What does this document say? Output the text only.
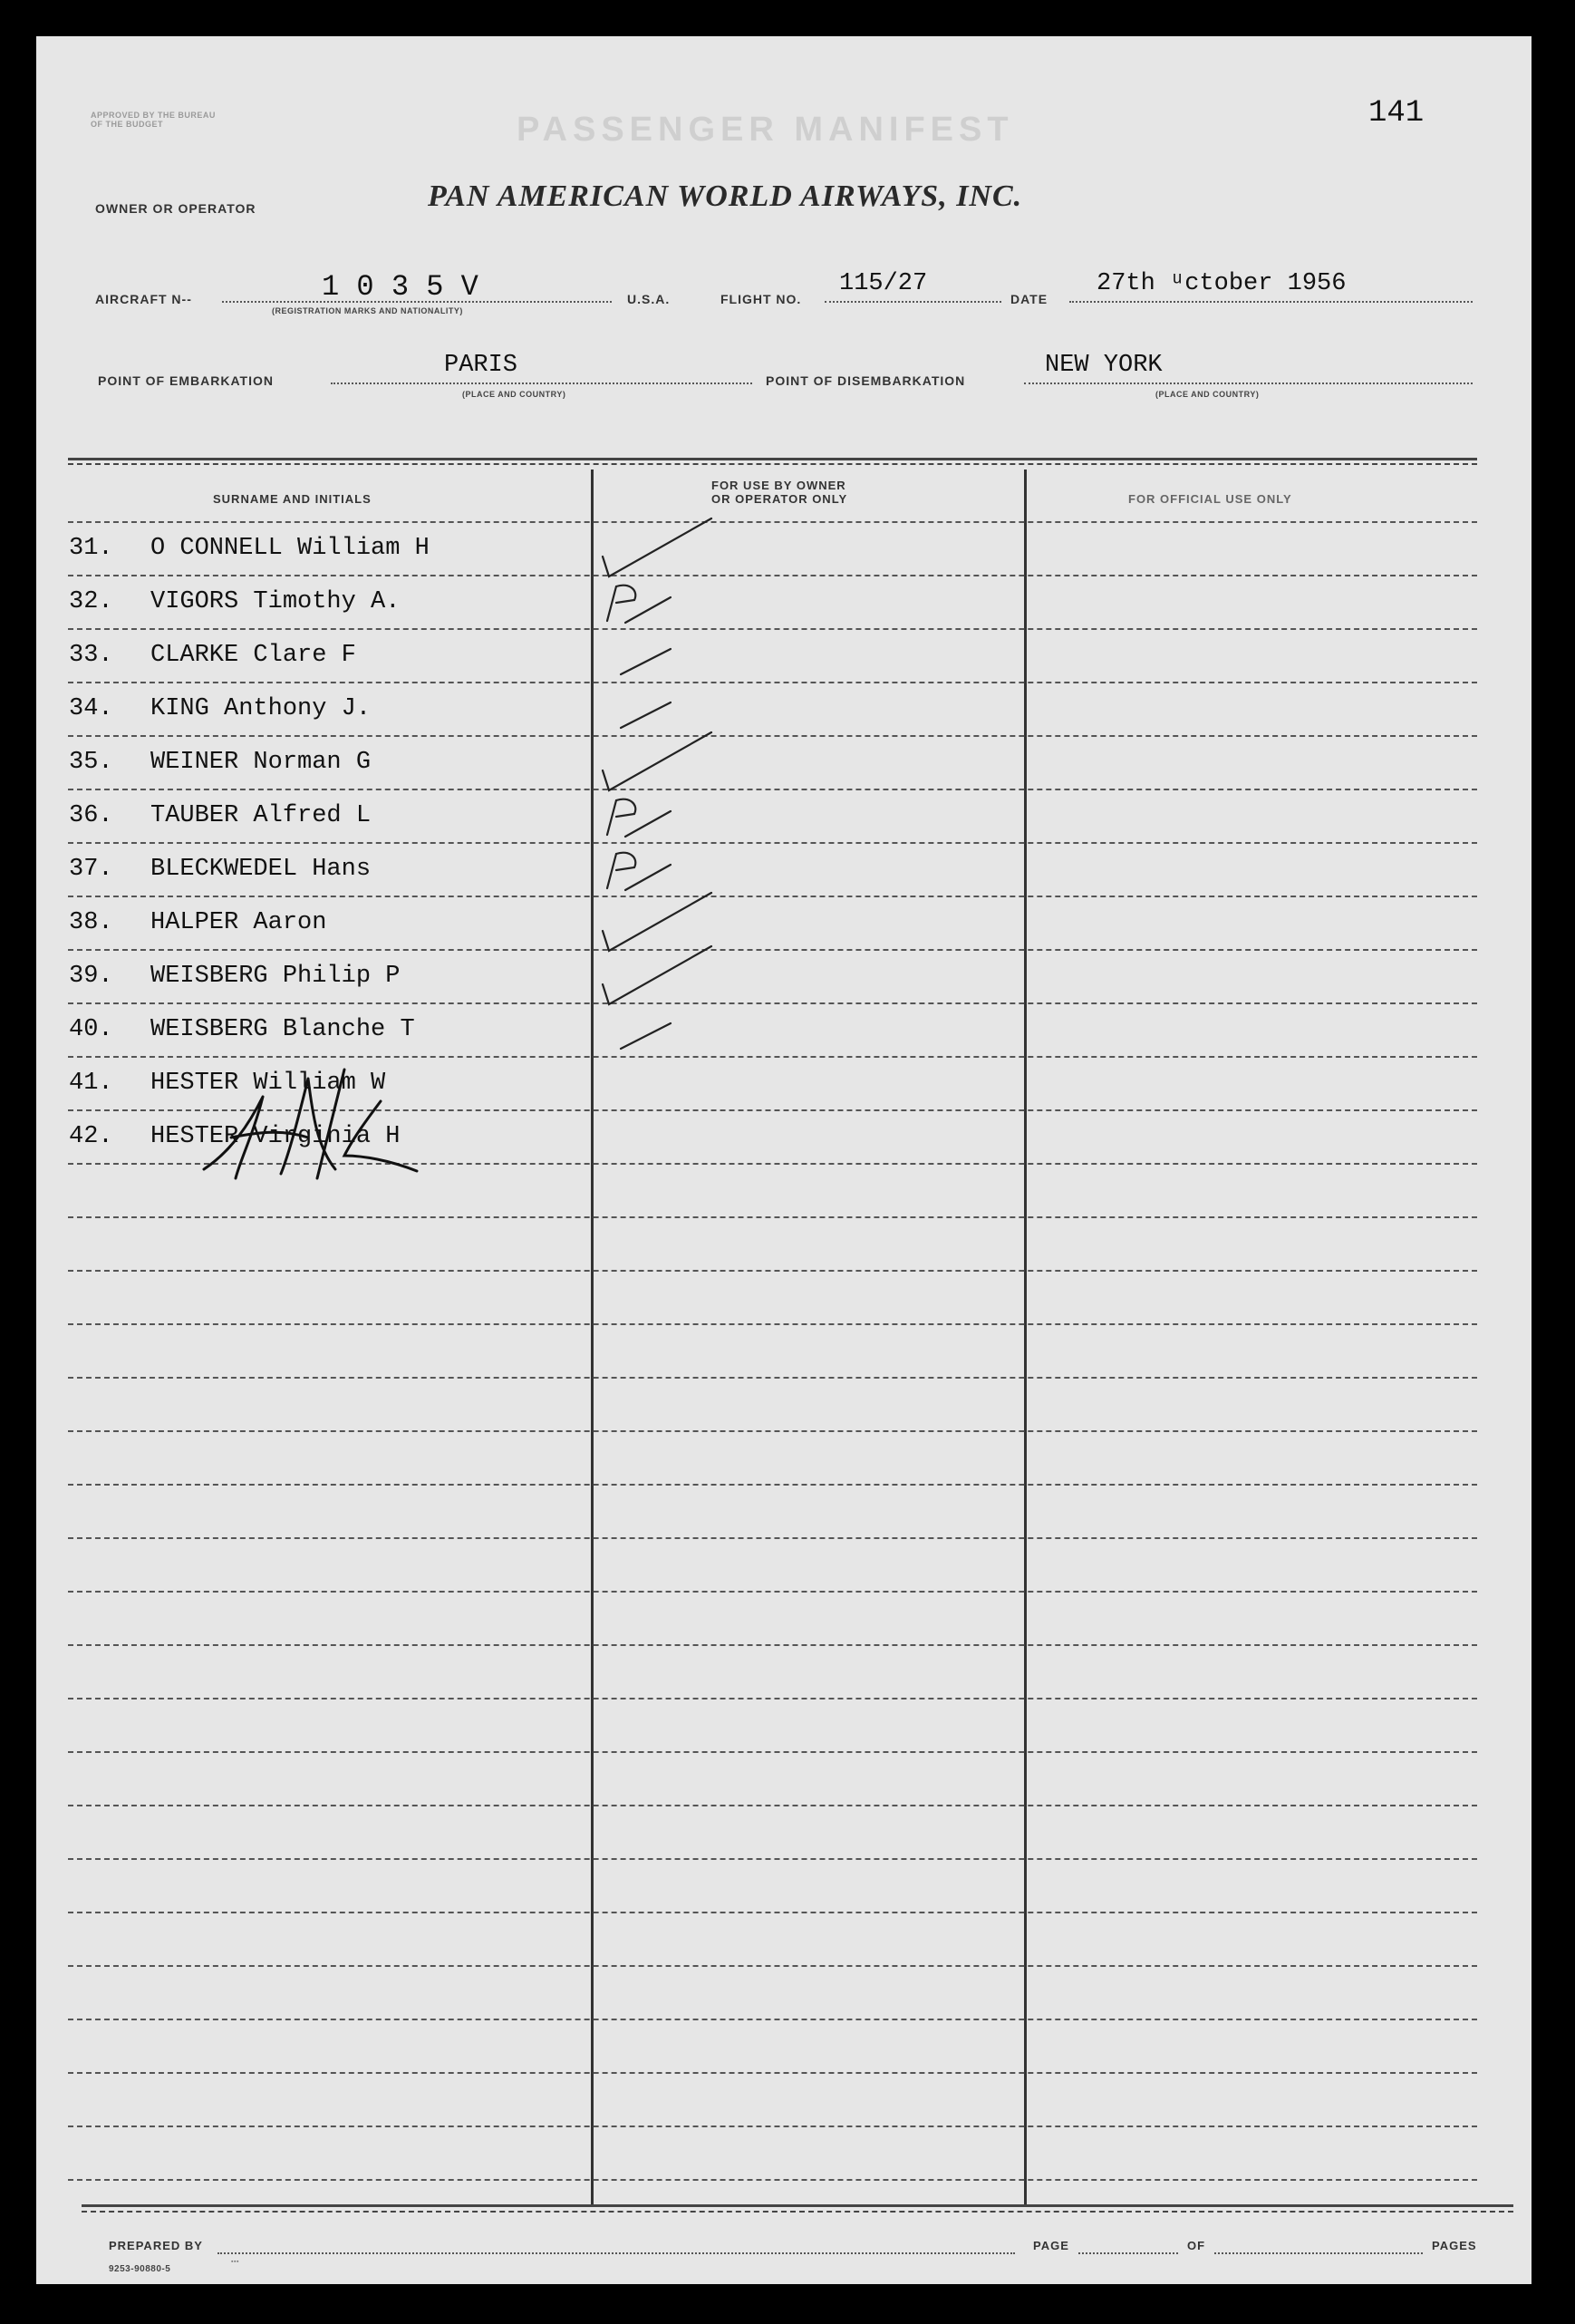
APPROVED BY THE BUREAU OF THE BUDGET	PASSENGER MANIFEST	141
OWNER OR OPERATOR	PAN AMERICAN WORLD AIRWAYS, INC.
AIRCRAFT N--	1 0 3 5 V
(REGISTRATION MARKS AND NATIONALITY)
U.S.A.	FLIGHT NO.
115/27
DATE
27th ᵘctober 1956
POINT OF EMBARKATION
PARIS
(PLACE AND COUNTRY)
POINT OF DISEMBARKATION
NEW YORK
(PLACE AND COUNTRY)
SURNAME AND INITIALS
FOR USE BY OWNER
OR OPERATOR ONLY	FOR OFFICIAL USE ONLY
31. O CONNELL William H
32. VIGORS Timothy A.
33. CLARKE Clare F
34. KING Anthony J.
35. WEINER Norman G
36. TAUBER Alfred L
37. BLECKWEDEL Hans
38. HALPER Aaron
39. WEISBERG Philip P
40. WEISBERG Blanche T
41. HESTER William W
42. HESTER Virginia H
PREPARED BY
9253-90880-5
▪▪▪
PAGE	OF	PAGES
